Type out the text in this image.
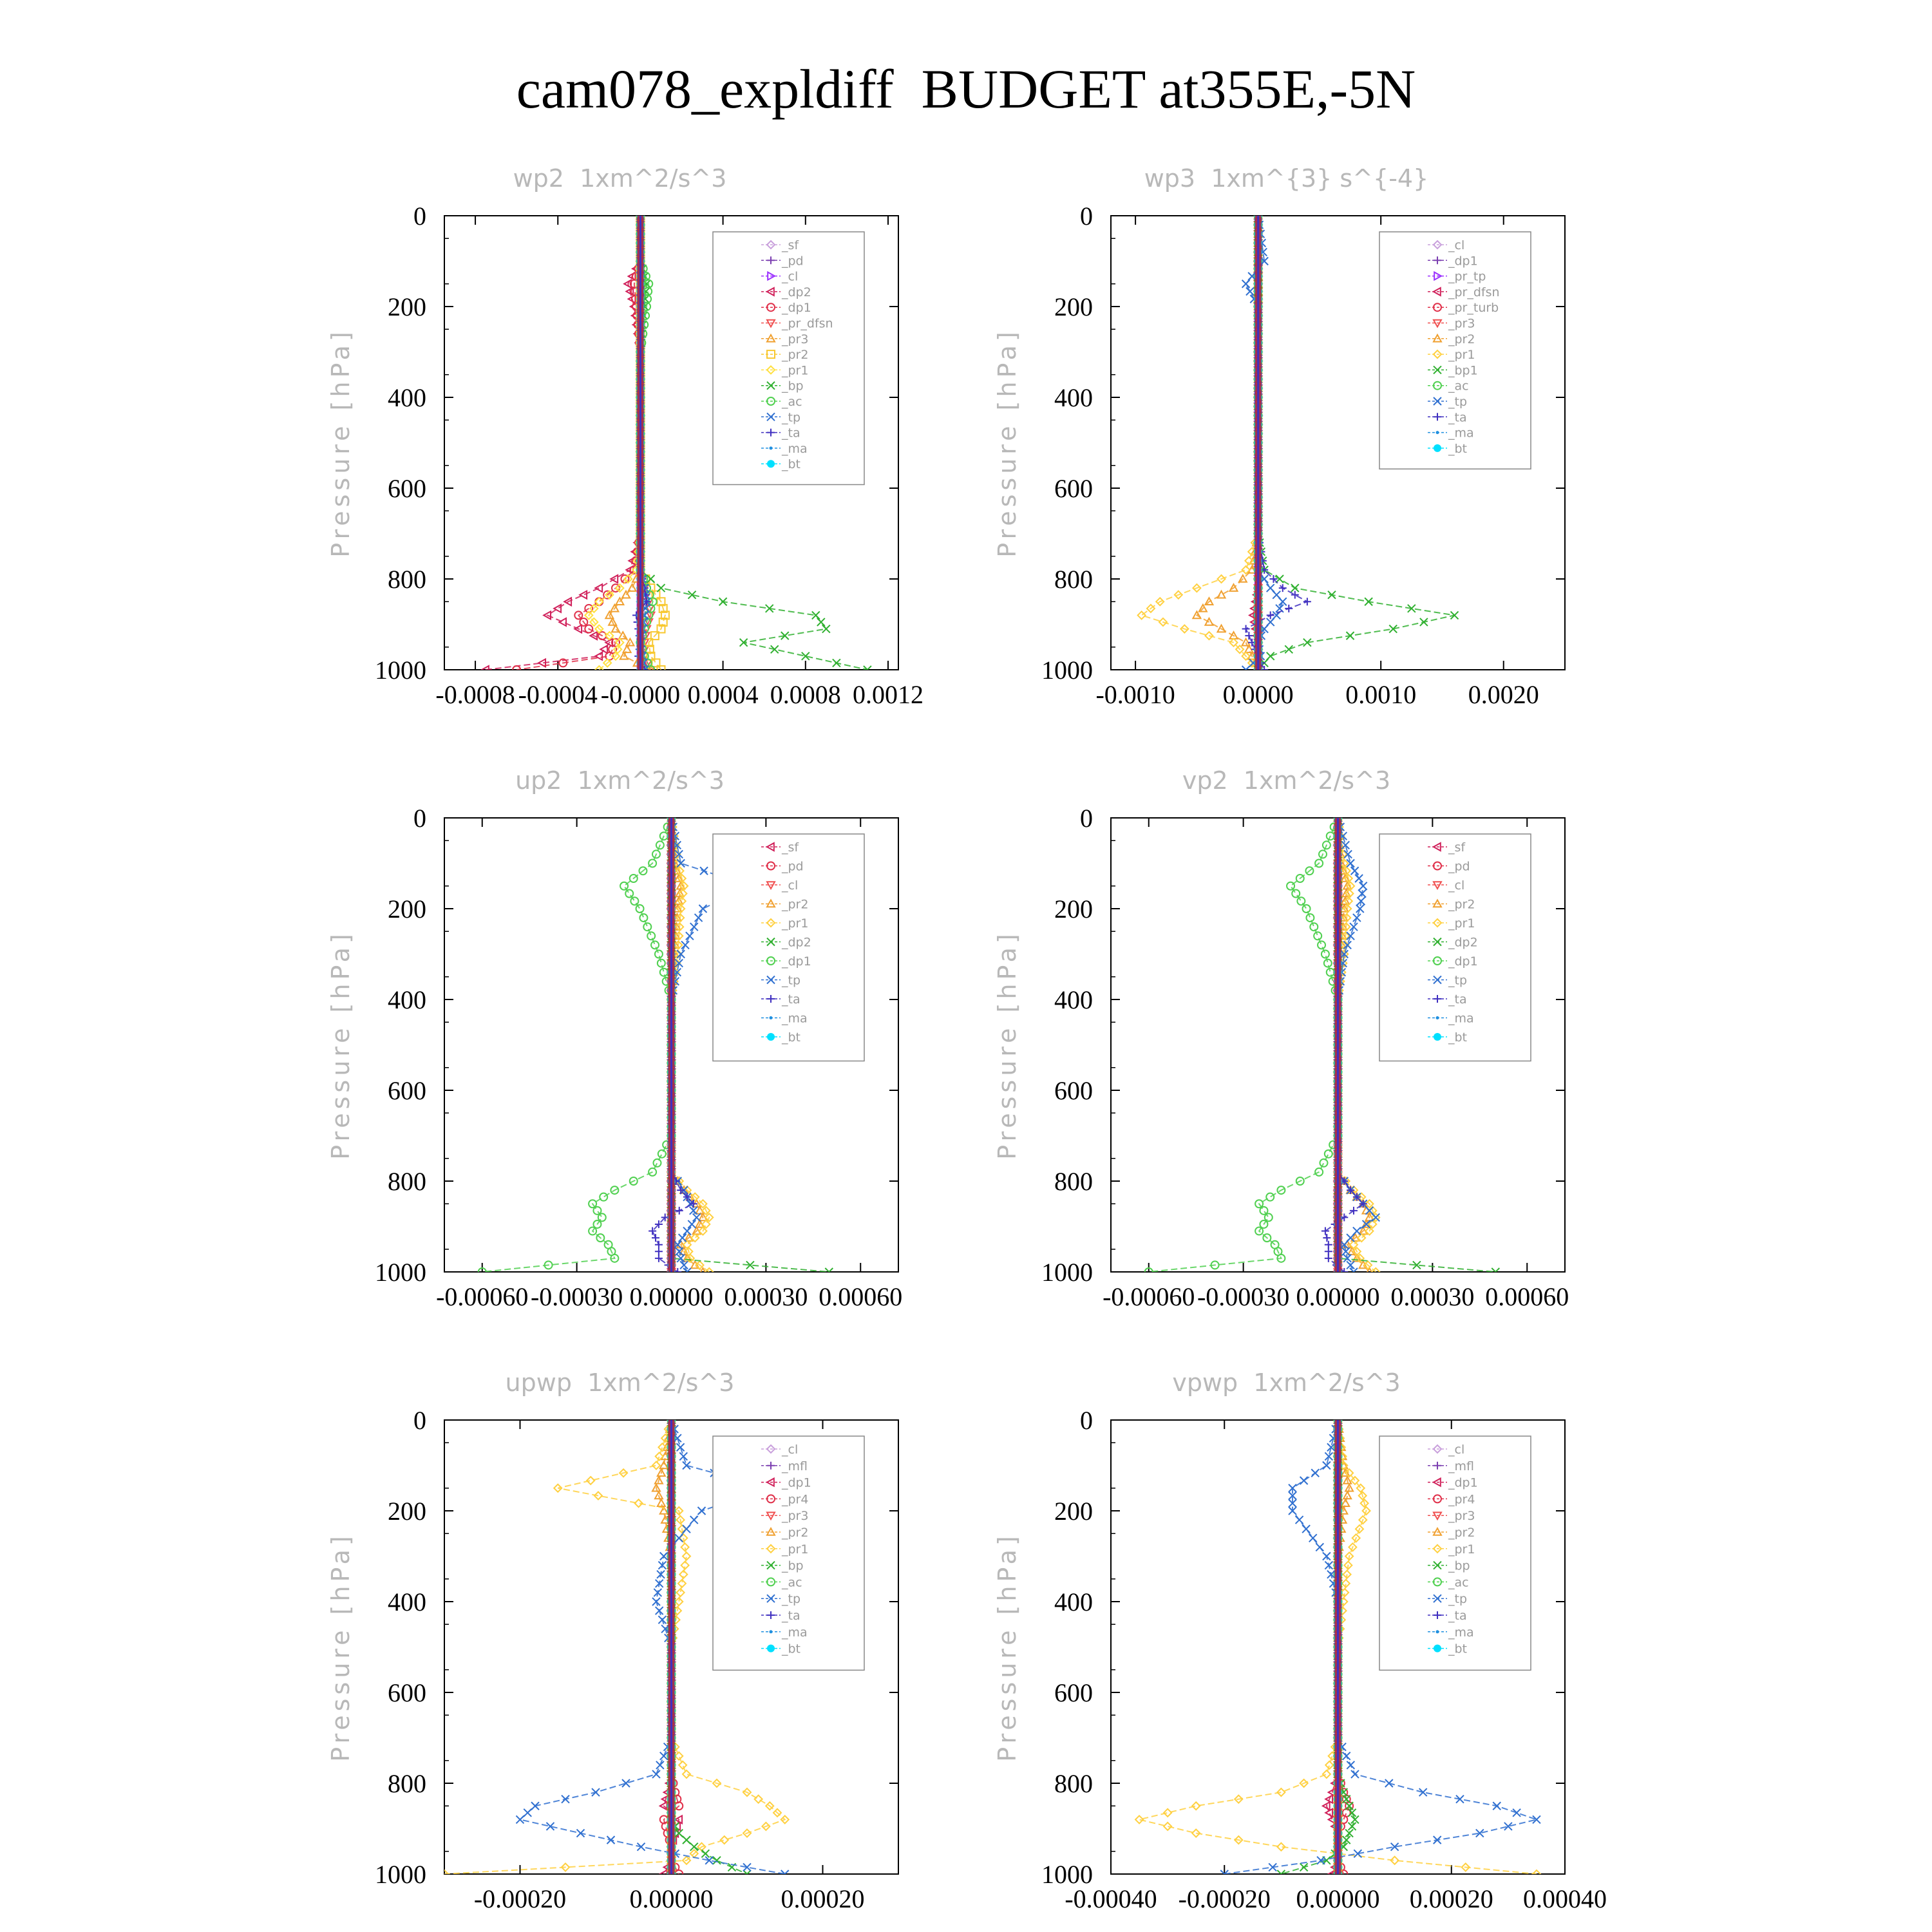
cam078_expldiff  BUDGET at355E,-5N
wp2  1xm^2/s^3
Pressure [hPa]
0
200
400
600
800
1000
-0.0008 -0.0004 -0.0000 0.0004 0.0008 0.0012
_sf
_pd
_cl
_dp2
_dp1
_pr_dfsn
_pr3
_pr2
_pr1
_bp
_ac
_tp
_ta
_ma
_bt
wp3  1xm^{3} s^{-4}
Pressure [hPa]
0
200
400
600
800
1000
-0.0010 0.0000 0.0010 0.0020
_cl
_dp1
_pr_tp
_pr_dfsn
_pr_turb
_pr3
_pr2
_pr1
_bp1
_ac
_tp
_ta
_ma
_bt
up2  1xm^2/s^3
Pressure [hPa]
0
200
400
600
800
1000
-0.00060 -0.00030 0.00000 0.00030 0.00060
_sf
_pd
_cl
_pr2
_pr1
_dp2
_dp1
_tp
_ta
_ma
_bt
vp2  1xm^2/s^3
Pressure [hPa]
0
200
400
600
800
1000
-0.00060 -0.00030 0.00000 0.00030 0.00060
_sf
_pd
_cl
_pr2
_pr1
_dp2
_dp1
_tp
_ta
_ma
_bt
upwp  1xm^2/s^3
Pressure [hPa]
0
200
400
600
800
1000
-0.00020 0.00000	0.00020
_cl
_mfl
_dp1
_pr4
_pr3
_pr2
_pr1
_bp
_ac
_tp
_ta
_ma
_bt
vpwp  1xm^2/s^3
Pressure [hPa]
0
200
400
600
800
1000
-0.00040 -0.00020 0.00000 0.00020 0.00040
_cl
_mfl
_dp1
_pr4
_pr3
_pr2
_pr1
_bp
_ac
_tp
_ta
_ma
_bt
